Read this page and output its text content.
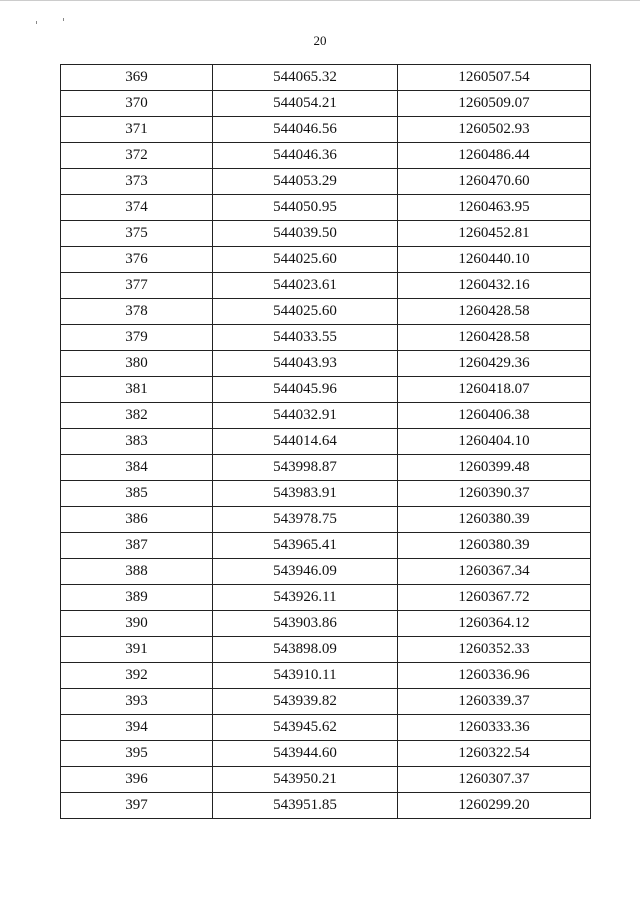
20
369	544065.32	1260507.54
370	544054.21	1260509.07
371	544046.56	1260502.93
372	544046.36	1260486.44
373	544053.29	1260470.60
374	544050.95	1260463.95
375	544039.50	1260452.81
376	544025.60	1260440.10
377	544023.61	1260432.16
378	544025.60	1260428.58
379	544033.55	1260428.58
380	544043.93	1260429.36
381	544045.96	1260418.07
382	544032.91	1260406.38
383	544014.64	1260404.10
384	543998.87	1260399.48
385	543983.91	1260390.37
386	543978.75	1260380.39
387	543965.41	1260380.39
388	543946.09	1260367.34
389	543926.11	1260367.72
390	543903.86	1260364.12
391	543898.09	1260352.33
392	543910.11	1260336.96
393	543939.82	1260339.37
394	543945.62	1260333.36
395	543944.60	1260322.54
396	543950.21	1260307.37
397	543951.85	1260299.20
